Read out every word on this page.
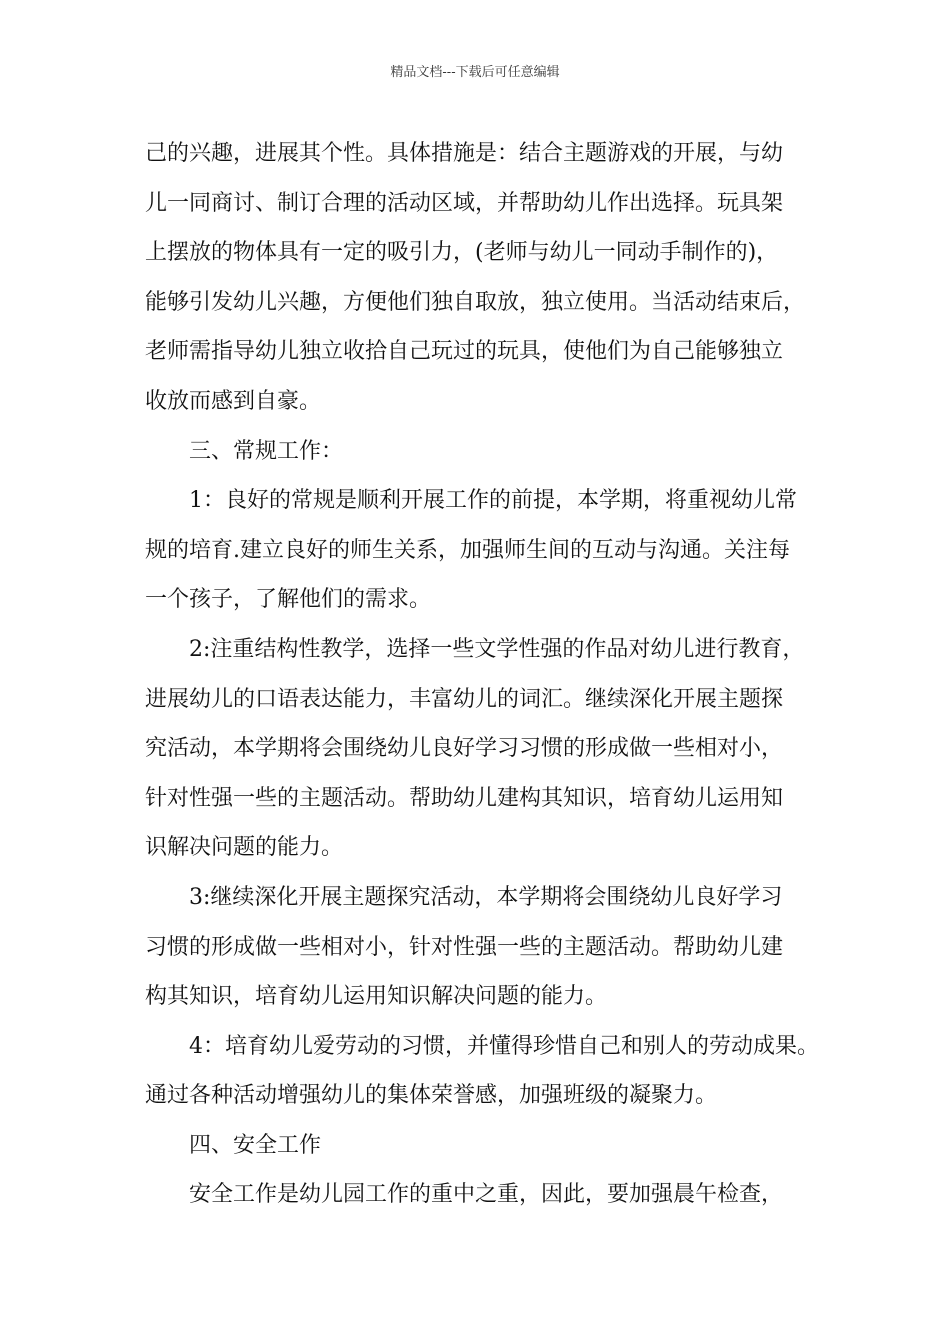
精品文档---下载后可任意编辑
己的兴趣，进展其个性。具体措施是：结合主题游戏的开展，与幼
儿一同商讨、制订合理的活动区域，并帮助幼儿作出选择。玩具架
上摆放的物体具有一定的吸引力，(老师与幼儿一同动手制作的)，
能够引发幼儿兴趣，方便他们独自取放，独立使用。当活动结束后，
老师需指导幼儿独立收拾自己玩过的玩具，使他们为自己能够独立
收放而感到自豪。
三、常规工作：
1：良好的常规是顺利开展工作的前提，本学期，将重视幼儿常
规的培育.建立良好的师生关系，加强师生间的互动与沟通。关注每
一个孩子，了解他们的需求。
2:注重结构性教学，选择一些文学性强的作品对幼儿进行教育，
进展幼儿的口语表达能力，丰富幼儿的词汇。继续深化开展主题探
究活动，本学期将会围绕幼儿良好学习习惯的形成做一些相对小，
针对性强一些的主题活动。帮助幼儿建构其知识，培育幼儿运用知
识解决问题的能力。
3:继续深化开展主题探究活动，本学期将会围绕幼儿良好学习
习惯的形成做一些相对小，针对性强一些的主题活动。帮助幼儿建
构其知识，培育幼儿运用知识解决问题的能力。
4：培育幼儿爱劳动的习惯，并懂得珍惜自己和别人的劳动成果。
通过各种活动增强幼儿的集体荣誉感，加强班级的凝聚力。
四、安全工作
安全工作是幼儿园工作的重中之重，因此，要加强晨午检查，
